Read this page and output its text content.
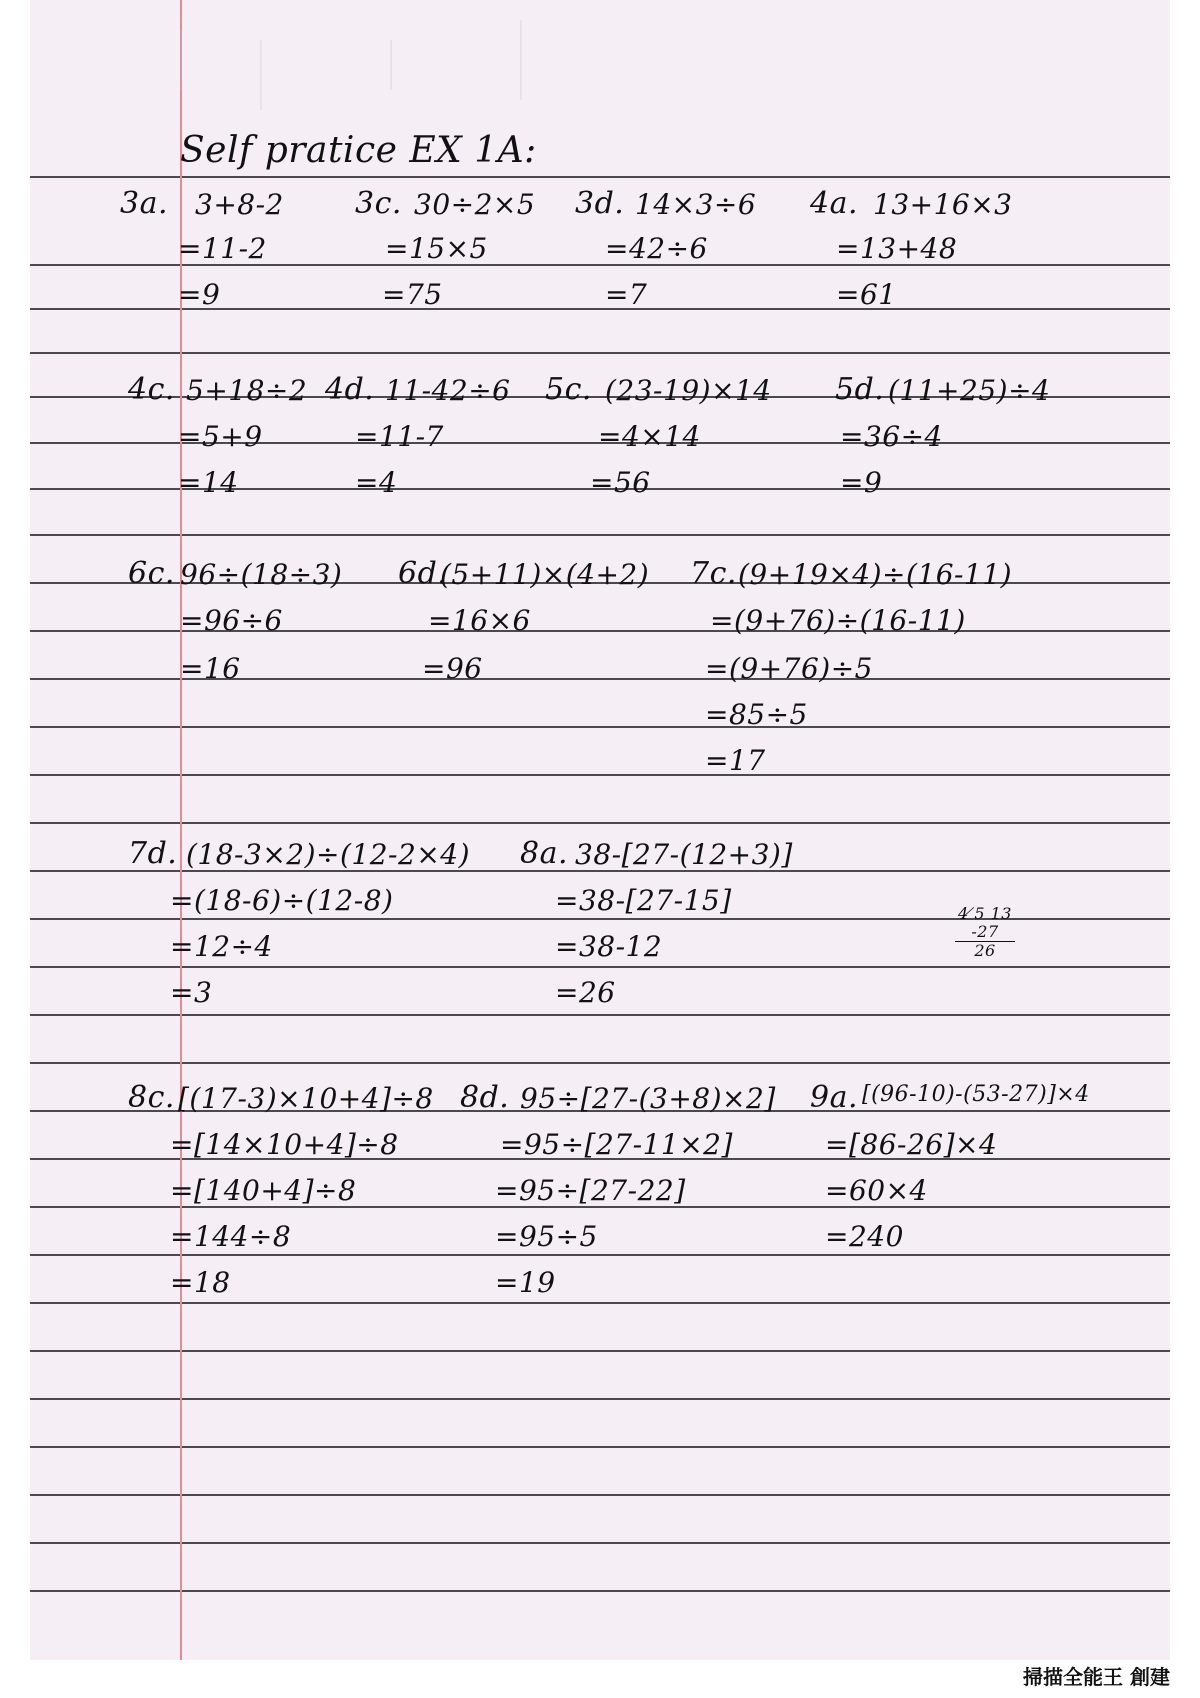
Self pratice EX 1A:
3a. 3+8-2
=11-2
=9
3c. 30÷2×5
=15×5
=75
3d. 14×3÷6
=42÷6
=7
4a. 13+16×3
=13+48
=61
4c. 5+18÷2
=5+9
=14
4d. 11-42÷6
=11-7
=4
5c. (23-19)×14
=4×14
=56
5d. (11+25)÷4
=36÷4
=9
6c. 96÷(18÷3)
=96÷6
=16
6d.
(5+11)×(4+2)
=16×6
=96
7c. (9+19×4)÷(16-11)
=(9+76)÷(16-11)
=(9+76)÷5
=85÷5
=17
7d. (18-3×2)÷(12-2×4)
=(18-6)÷(12-8)
=12÷4
=3
8a. 38-[27-(12+3)]
=38-[27-15]
=38-12
=26
4 ̸5 13
-27
26
8c. [(17-3)×10+4]÷8
=[14×10+4]÷8
=[140+4]÷8
=144÷8
=18
8d. 95÷[27-(3+8)×2]
=95÷[27-11×2]
=95÷[27-22]
=95÷5
=19
9a. [(96-10)-(53-27)]×4
=[86-26]×4
=60×4
=240
掃描全能王 創建
